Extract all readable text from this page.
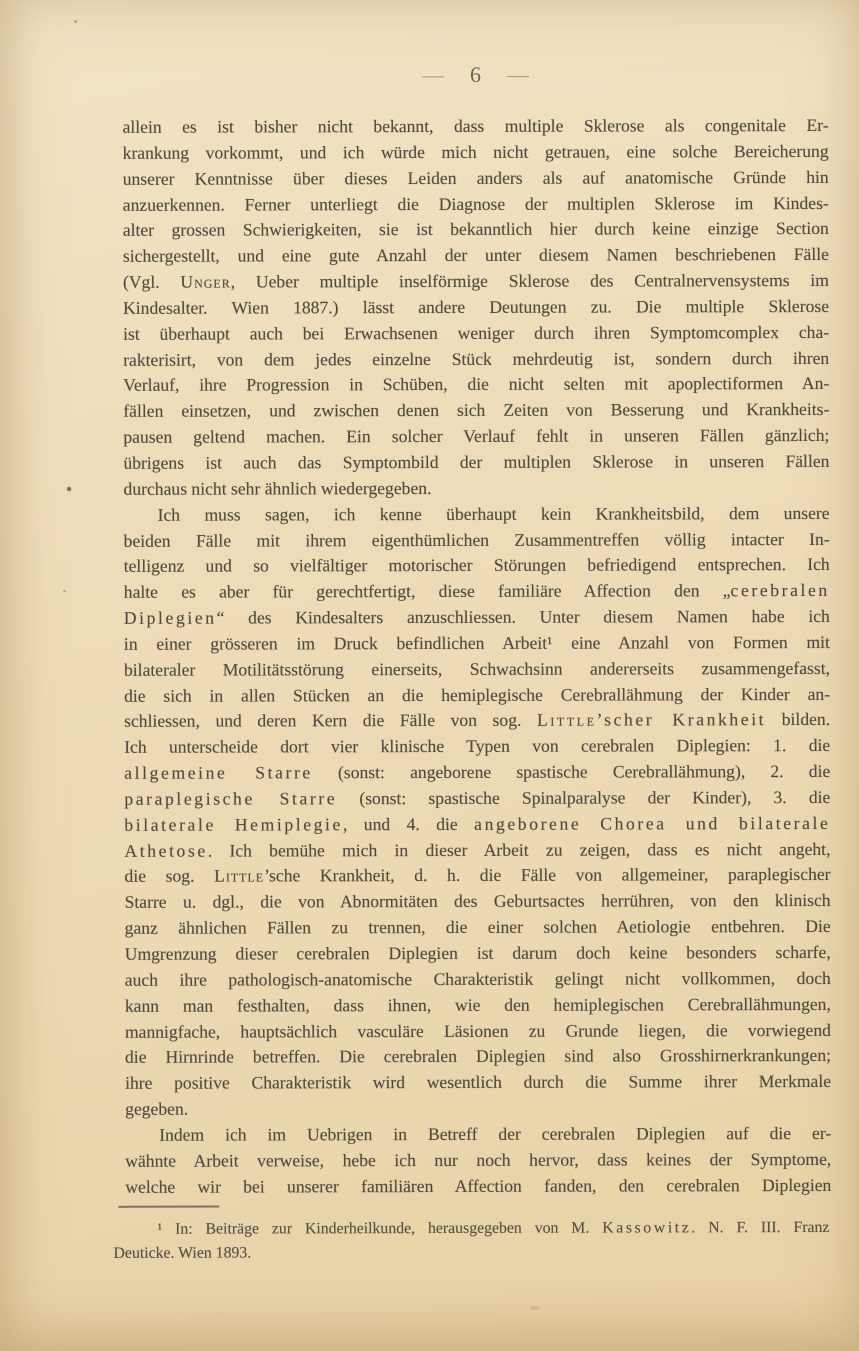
— 6 —
allein es ist bisher nicht bekannt, dass multiple Sklerose als congenitale Er-
krankung vorkommt, und ich würde mich nicht getrauen, eine solche Bereicherung
unserer Kenntnisse über dieses Leiden anders als auf anatomische Gründe hin
anzuerkennen. Ferner unterliegt die Diagnose der multiplen Sklerose im Kindes-
alter grossen Schwierigkeiten, sie ist bekanntlich hier durch keine einzige Section
sichergestellt, und eine gute Anzahl der unter diesem Namen beschriebenen Fälle
(Vgl. Unger, Ueber multiple inselförmige Sklerose des Centralnervensystems im
Kindesalter. Wien 1887.) lässt andere Deutungen zu. Die multiple Sklerose
ist überhaupt auch bei Erwachsenen weniger durch ihren Symptomcomplex cha-
rakterisirt, von dem jedes einzelne Stück mehrdeutig ist, sondern durch ihren
Verlauf, ihre Progression in Schüben, die nicht selten mit apoplectiformen An-
fällen einsetzen, und zwischen denen sich Zeiten von Besserung und Krankheits-
pausen geltend machen. Ein solcher Verlauf fehlt in unseren Fällen gänzlich;
übrigens ist auch das Symptombild der multiplen Sklerose in unseren Fällen
durchaus nicht sehr ähnlich wiedergegeben.
Ich muss sagen, ich kenne überhaupt kein Krankheitsbild, dem unsere
beiden Fälle mit ihrem eigenthümlichen Zusammentreffen völlig intacter In-
telligenz und so vielfältiger motorischer Störungen befriedigend entsprechen. Ich
halte es aber für gerechtfertigt, diese familiäre Affection den „cerebralen
Diplegien“ des Kindesalters anzuschliessen. Unter diesem Namen habe ich
in einer grösseren im Druck befindlichen Arbeit¹ eine Anzahl von Formen mit
bilateraler Motilitätsstörung einerseits, Schwachsinn andererseits zusammengefasst,
die sich in allen Stücken an die hemiplegische Cerebrallähmung der Kinder an-
schliessen, und deren Kern die Fälle von sog. Little’scher Krankheit bilden.
Ich unterscheide dort vier klinische Typen von cerebralen Diplegien: 1. die
allgemeine Starre (sonst: angeborene spastische Cerebrallähmung), 2. die
paraplegische Starre (sonst: spastische Spinalparalyse der Kinder), 3. die
bilaterale Hemiplegie, und 4. die angeborene Chorea und bilaterale
Athetose. Ich bemühe mich in dieser Arbeit zu zeigen, dass es nicht angeht,
die sog. Little’sche Krankheit, d. h. die Fälle von allgemeiner, paraplegischer
Starre u. dgl., die von Abnormitäten des Geburtsactes herrühren, von den klinisch
ganz ähnlichen Fällen zu trennen, die einer solchen Aetiologie entbehren. Die
Umgrenzung dieser cerebralen Diplegien ist darum doch keine besonders scharfe,
auch ihre pathologisch-anatomische Charakteristik gelingt nicht vollkommen, doch
kann man festhalten, dass ihnen, wie den hemiplegischen Cerebrallähmungen,
mannigfache, hauptsächlich vasculäre Läsionen zu Grunde liegen, die vorwiegend
die Hirnrinde betreffen. Die cerebralen Diplegien sind also Grosshirnerkrankungen;
ihre positive Charakteristik wird wesentlich durch die Summe ihrer Merkmale
gegeben.
Indem ich im Uebrigen in Betreff der cerebralen Diplegien auf die er-
wähnte Arbeit verweise, hebe ich nur noch hervor, dass keines der Symptome,
welche wir bei unserer familiären Affection fanden, den cerebralen Diplegien
¹ In: Beiträge zur Kinderheilkunde, herausgegeben von M. Kassowitz. N. F. III. Franz
Deuticke. Wien 1893.
